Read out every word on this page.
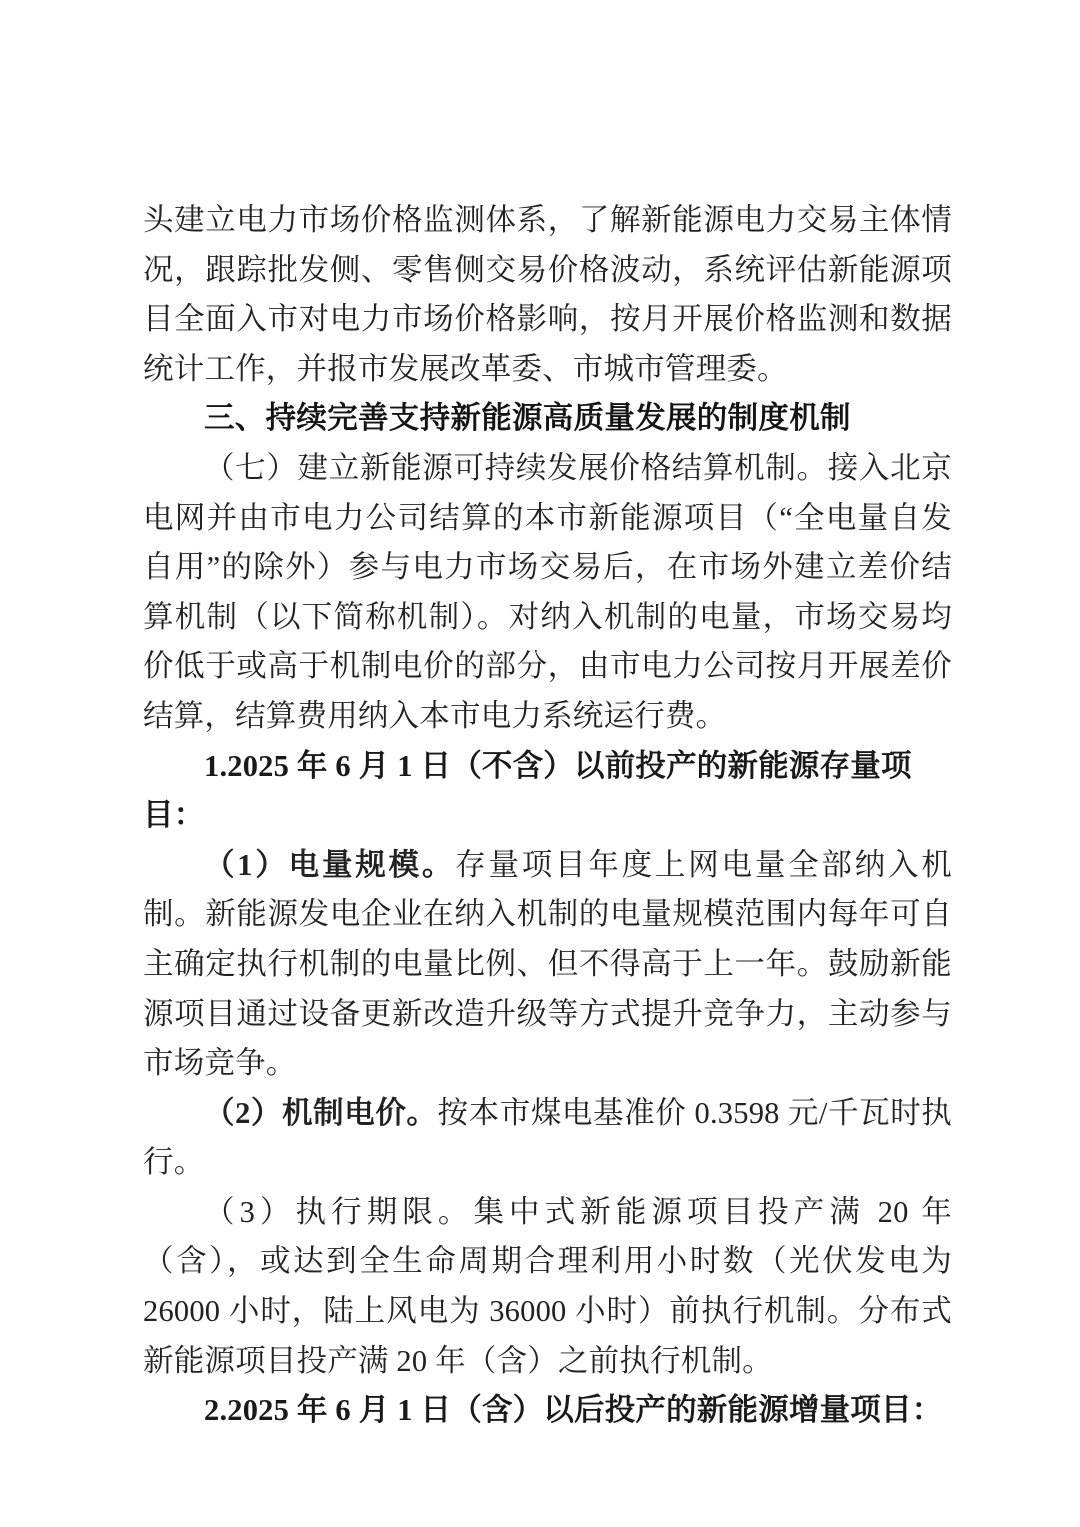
头建立电力市场价格监测体系，了解新能源电力交易主体情况，跟踪批发侧、零售侧交易价格波动，系统评估新能源项目全面入市对电力市场价格影响，按月开展价格监测和数据统计工作，并报市发展改革委、市城市管理委。

三、持续完善支持新能源高质量发展的制度机制

（七）建立新能源可持续发展价格结算机制。接入北京电网并由市电力公司结算的本市新能源项目（“全电量自发自用”的除外）参与电力市场交易后，在市场外建立差价结算机制（以下简称机制）。对纳入机制的电量，市场交易均价低于或高于机制电价的部分，由市电力公司按月开展差价结算，结算费用纳入本市电力系统运行费。

1.2025 年 6 月 1 日（不含）以前投产的新能源存量项目：

（1）电量规模。存量项目年度上网电量全部纳入机制。新能源发电企业在纳入机制的电量规模范围内每年可自主确定执行机制的电量比例、但不得高于上一年。鼓励新能源项目通过设备更新改造升级等方式提升竞争力，主动参与市场竞争。

（2）机制电价。按本市煤电基准价 0.3598 元/千瓦时执行。

（3）执行期限。集中式新能源项目投产满 20 年（含），或达到全生命周期合理利用小时数（光伏发电为 26000 小时，陆上风电为 36000 小时）前执行机制。分布式新能源项目投产满 20 年（含）之前执行机制。

2.2025 年 6 月 1 日（含）以后投产的新能源增量项目：
